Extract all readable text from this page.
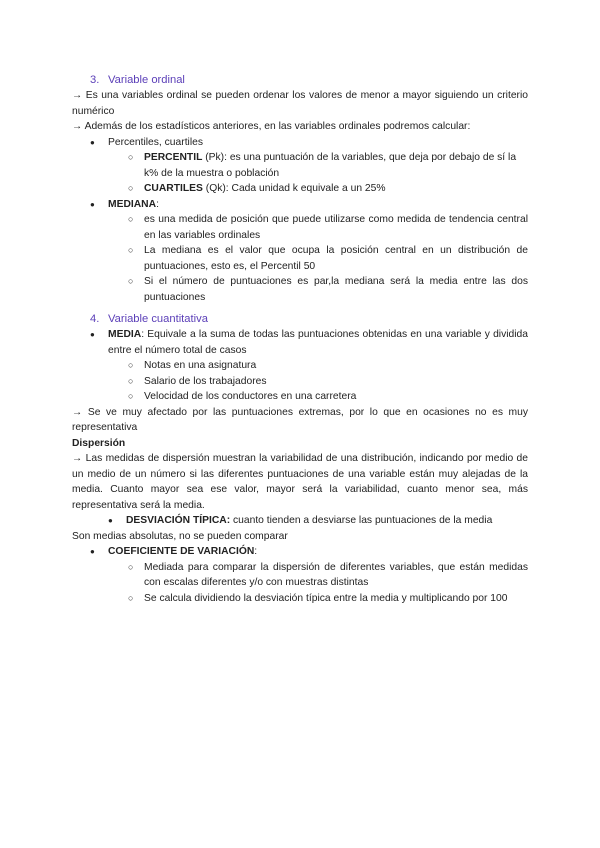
3. Variable ordinal

→ Es una variables ordinal se pueden ordenar los valores de menor a mayor siguiendo un criterio numérico

→ Además de los estadísticos anteriores, en las variables ordinales podremos calcular:

● Percentiles, cuartiles
○ PERCENTIL (Pk): es una puntuación de la variables, que deja por debajo de sí la k% de la muestra o población
○ CUARTILES (Qk): Cada unidad k equivale a un 25%
● MEDIANA:
○ es una medida de posición que puede utilizarse como medida de tendencia central en las variables ordinales
○ La mediana es el valor que ocupa la posición central en un distribución de puntuaciones, esto es, el Percentil 50
○ Si el número de puntuaciones es par,la mediana será la media entre las dos puntuaciones
4. Variable cuantitativa
● MEDIA: Equivale a la suma de todas las puntuaciones obtenidas en una variable y dividida entre el número total de casos
○ Notas en una asignatura
○ Salario de los trabajadores
○ Velocidad de los conductores en una carretera

→ Se ve muy afectado por las puntuaciones extremas, por lo que en ocasiones no es muy representativa

Dispersión

→ Las medidas de dispersión muestran la variabilidad de una distribución, indicando por medio de un medio de un número si las diferentes puntuaciones de una variable están muy alejadas de la media. Cuanto mayor sea ese valor, mayor será la variabilidad, cuanto menor sea, más representativa será la media.

● DESVIACIÓN TÍPICA: cuanto tienden a desviarse las puntuaciones de la media

Son medias absolutas, no se pueden comparar

● COEFICIENTE DE VARIACIÓN:
○ Mediada para comparar la dispersión de diferentes variables, que están medidas con escalas diferentes y/o con muestras distintas
○ Se calcula dividiendo la desviación típica entre la media y multiplicando por 100
